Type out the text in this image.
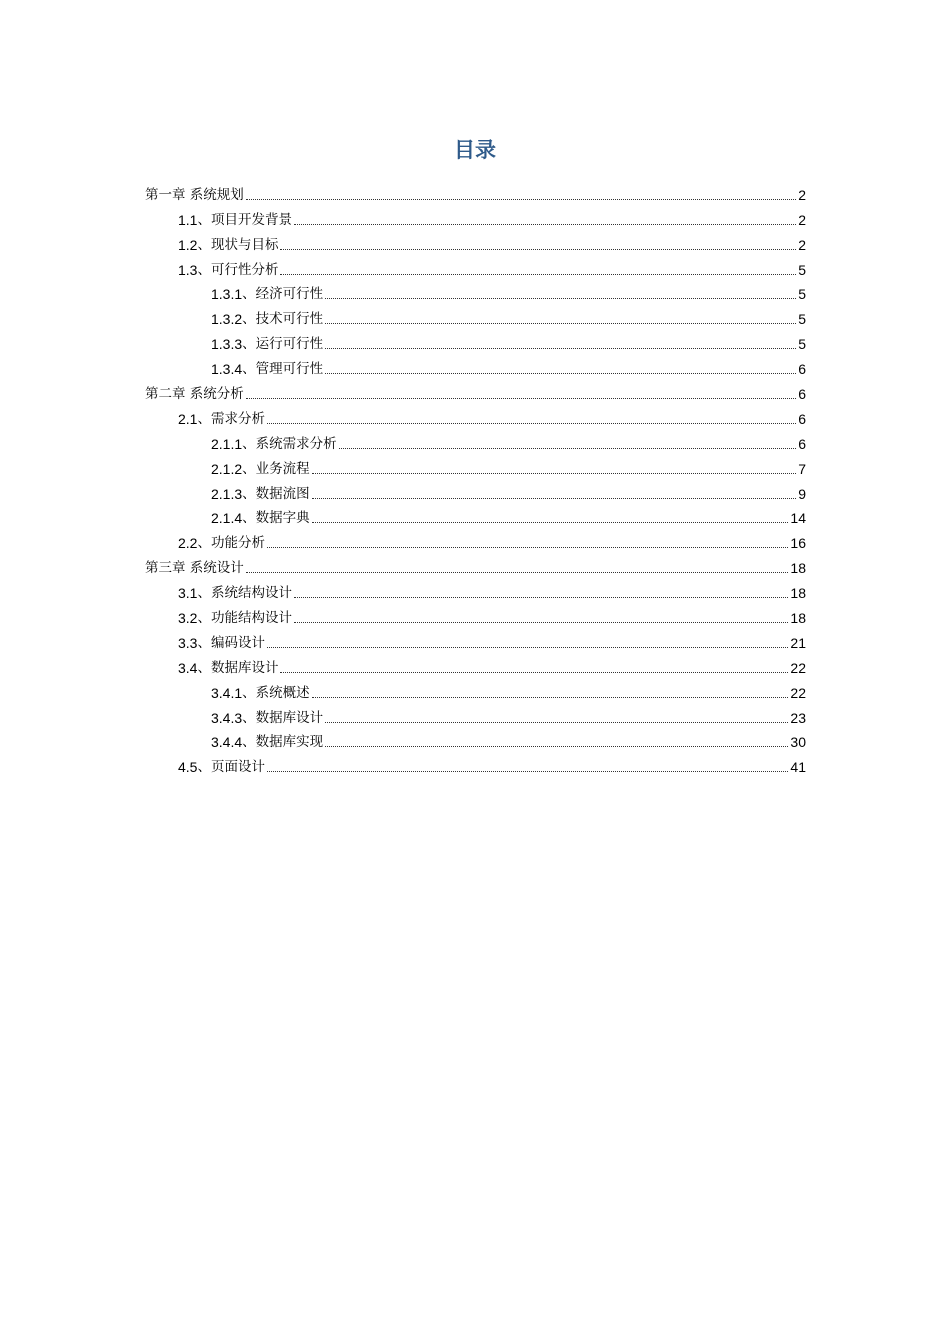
目录
第一章 系统规划	2
1.1 、项目开发背景	2
1.2 、现状与目标	2
1.3 、可行性分析	5
1.3.1 、经济可行性	5
1.3.2 、技术可行性	5
1.3.3 、运行可行性	5
1.3.4 、管理可行性	6
第二章 系统分析	6
2.1 、需求分析	6
2.1.1 、系统需求分析	6
2.1.2 、业务流程	7
2.1.3 、数据流图	9
2.1.4 、数据字典	14
2.2 、功能分析	16
第三章 系统设计	18
3.1 、系统结构设计	18
3.2 、功能结构设计	18
3.3 、编码设计	21
3.4 、数据库设计	22
3.4.1 、系统概述	22
3.4.3 、数据库设计	23
3.4.4 、数据库实现	30
4.5 、页面设计	41
